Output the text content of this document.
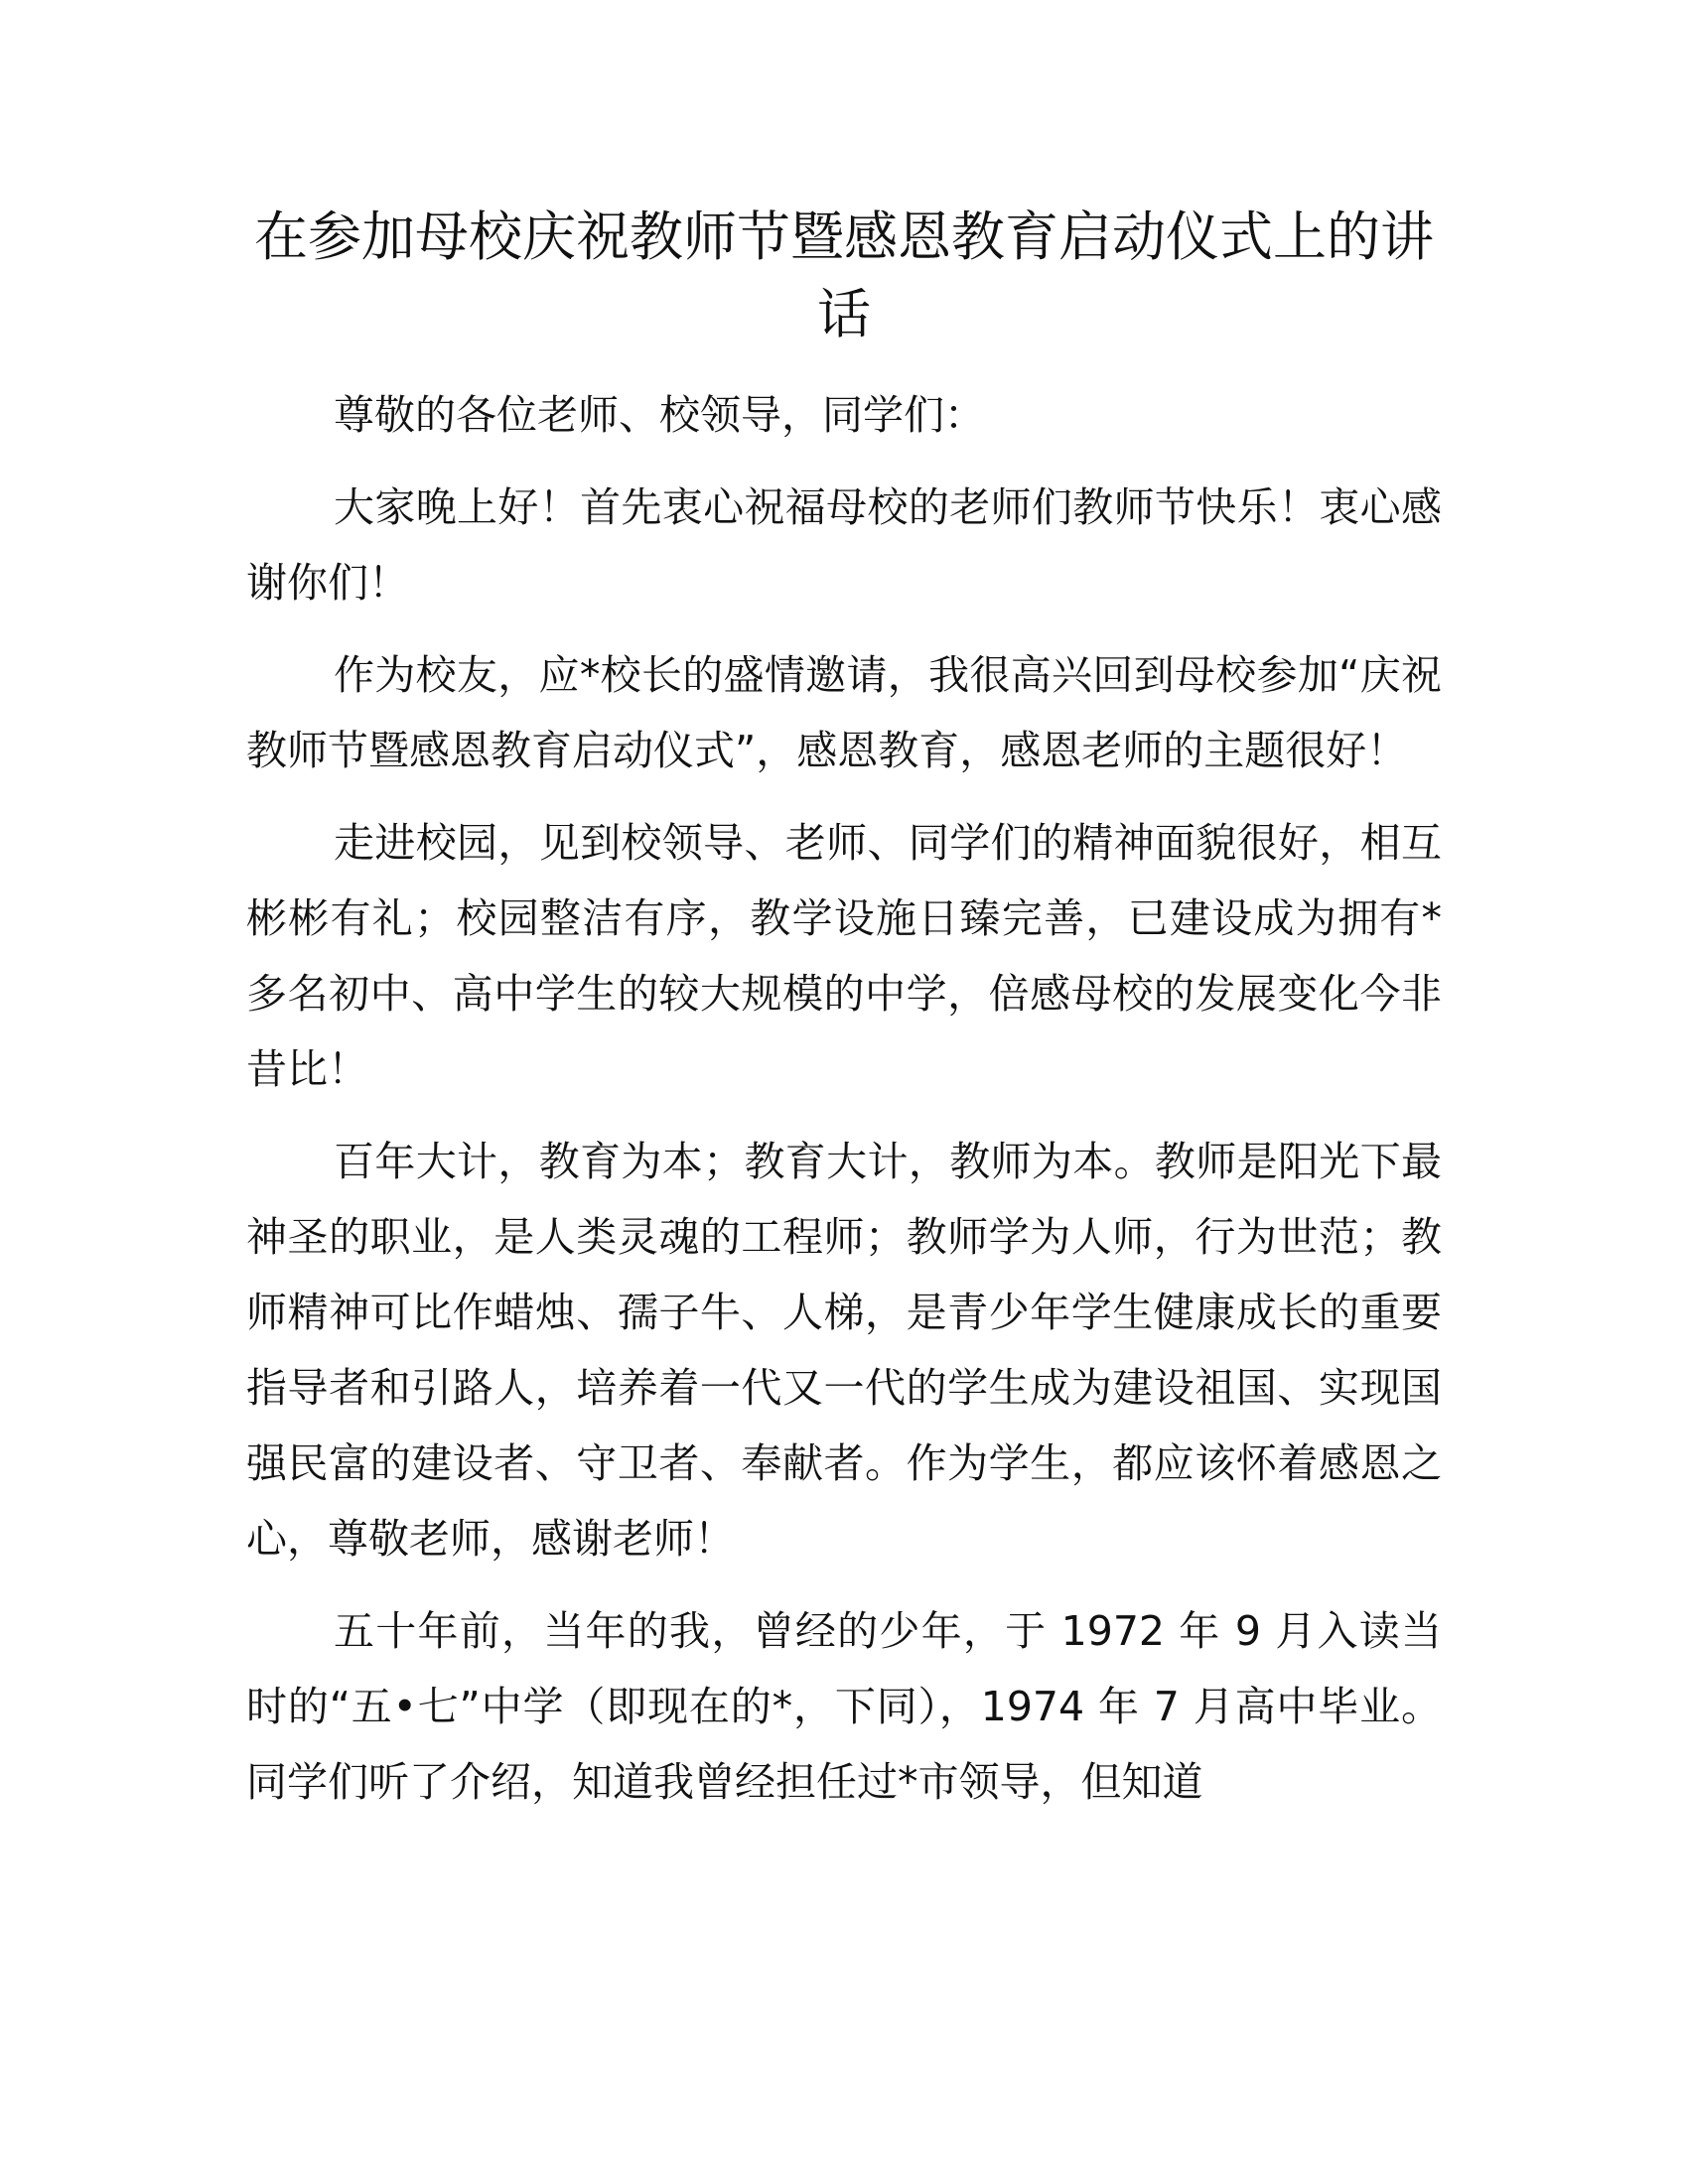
在参加母校庆祝教师节暨感恩教育启动仪式上的讲话

尊敬的各位老师、校领导，同学们：

大家晚上好！首先衷心祝福母校的老师们教师节快乐！衷心感谢你们！

作为校友，应*校长的盛情邀请，我很高兴回到母校参加“庆祝教师节暨感恩教育启动仪式”，感恩教育，感恩老师的主题很好！

走进校园，见到校领导、老师、同学们的精神面貌很好，相互彬彬有礼；校园整洁有序，教学设施日臻完善，已建设成为拥有*多名初中、高中学生的较大规模的中学，倍感母校的发展变化今非昔比！

百年大计，教育为本；教育大计，教师为本。教师是阳光下最神圣的职业，是人类灵魂的工程师；教师学为人师，行为世范；教师精神可比作蜡烛、孺子牛、人梯，是青少年学生健康成长的重要指导者和引路人，培养着一代又一代的学生成为建设祖国、实现国强民富的建设者、守卫者、奉献者。作为学生，都应该怀着感恩之心，尊敬老师，感谢老师！

五十年前，当年的我，曾经的少年，于 1972 年 9 月入读当时的“五•七”中学（即现在的*，下同），1974 年 7 月高中毕业。同学们听了介绍，知道我曾经担任过*市领导，但知道
